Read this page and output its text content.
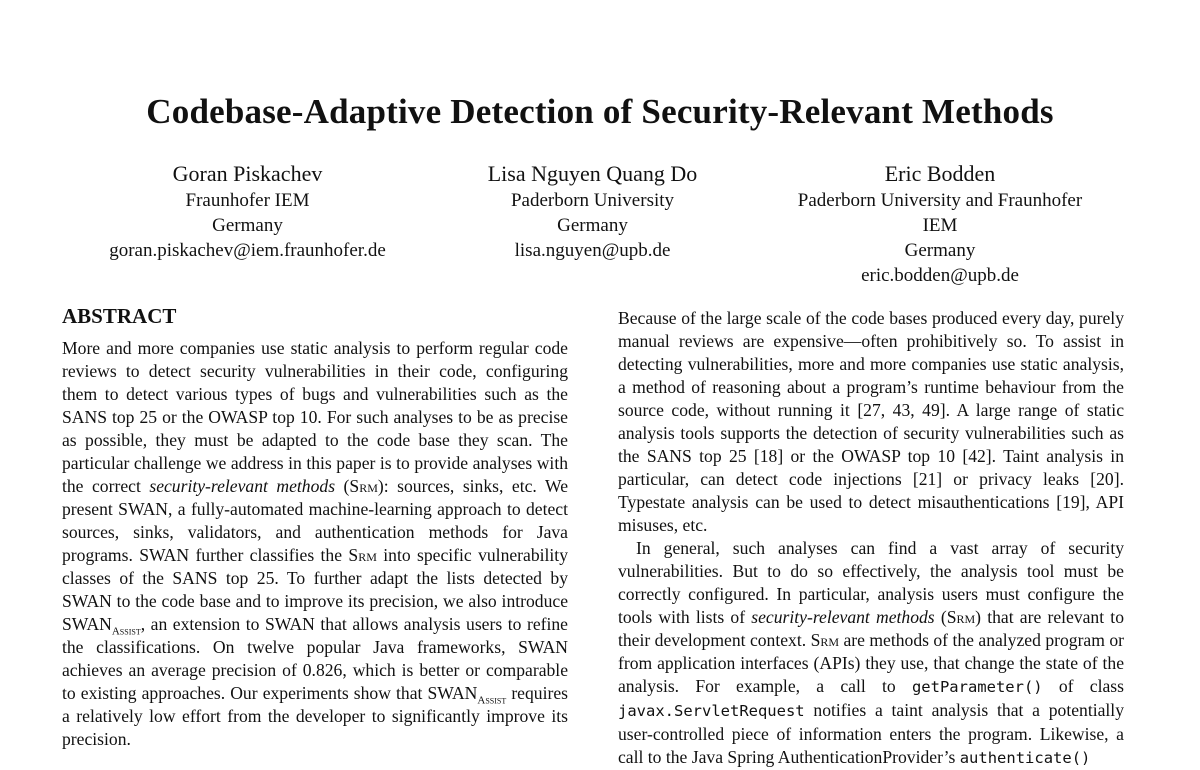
Codebase-Adaptive Detection of Security-Relevant Methods
Goran Piskachev
Fraunhofer IEM
Germany
goran.piskachev@iem.fraunhofer.de
Lisa Nguyen Quang Do
Paderborn University
Germany
lisa.nguyen@upb.de
Eric Bodden
Paderborn University and Fraunhofer
IEM
Germany
eric.bodden@upb.de
ABSTRACT

More and more companies use static analysis to perform regular code reviews to detect security vulnerabilities in their code, configuring them to detect various types of bugs and vulnerabilities such as the SANS top 25 or the OWASP top 10. For such analyses to be as precise as possible, they must be adapted to the code base they scan. The particular challenge we address in this paper is to provide analyses with the correct security-relevant methods (Srm): sources, sinks, etc. We present SWAN, a fully-automated machine-learning approach to detect sources, sinks, validators, and authentication methods for Java programs. SWAN further classifies the Srm into specific vulnerability classes of the SANS top 25. To further adapt the lists detected by SWAN to the code base and to improve its precision, we also introduce $SWAN_{Assist}$, an extension to SWAN that allows analysis users to refine the classifications. On twelve popular Java frameworks, SWAN achieves an average precision of 0.826, which is better or comparable to existing approaches. Our experiments show that $SWAN_{Assist}$ requires a relatively low effort from the developer to significantly improve its precision.

Because of the large scale of the code bases produced every day, purely manual reviews are expensive—often prohibitively so. To assist in detecting vulnerabilities, more and more companies use static analysis, a method of reasoning about a program’s runtime behaviour from the source code, without running it [27, 43, 49]. A large range of static analysis tools supports the detection of security vulnerabilities such as the SANS top 25 [18] or the OWASP top 10 [42]. Taint analysis in particular, can detect code injections [21] or privacy leaks [20]. Typestate analysis can be used to detect misauthentications [19], API misuses, etc.

In general, such analyses can find a vast array of security vulnerabilities. But to do so effectively, the analysis tool must be correctly configured. In particular, analysis users must configure the tools with lists of security-relevant methods (Srm) that are relevant to their development context. Srm are methods of the analyzed program or from application interfaces (APIs) they use, that change the state of the analysis. For example, a call to getParameter() of class javax.ServletRequest notifies a taint analysis that a potentially user-controlled piece of information enters the program. Likewise, a call to the Java Spring AuthenticationProvider’s authenticate()
